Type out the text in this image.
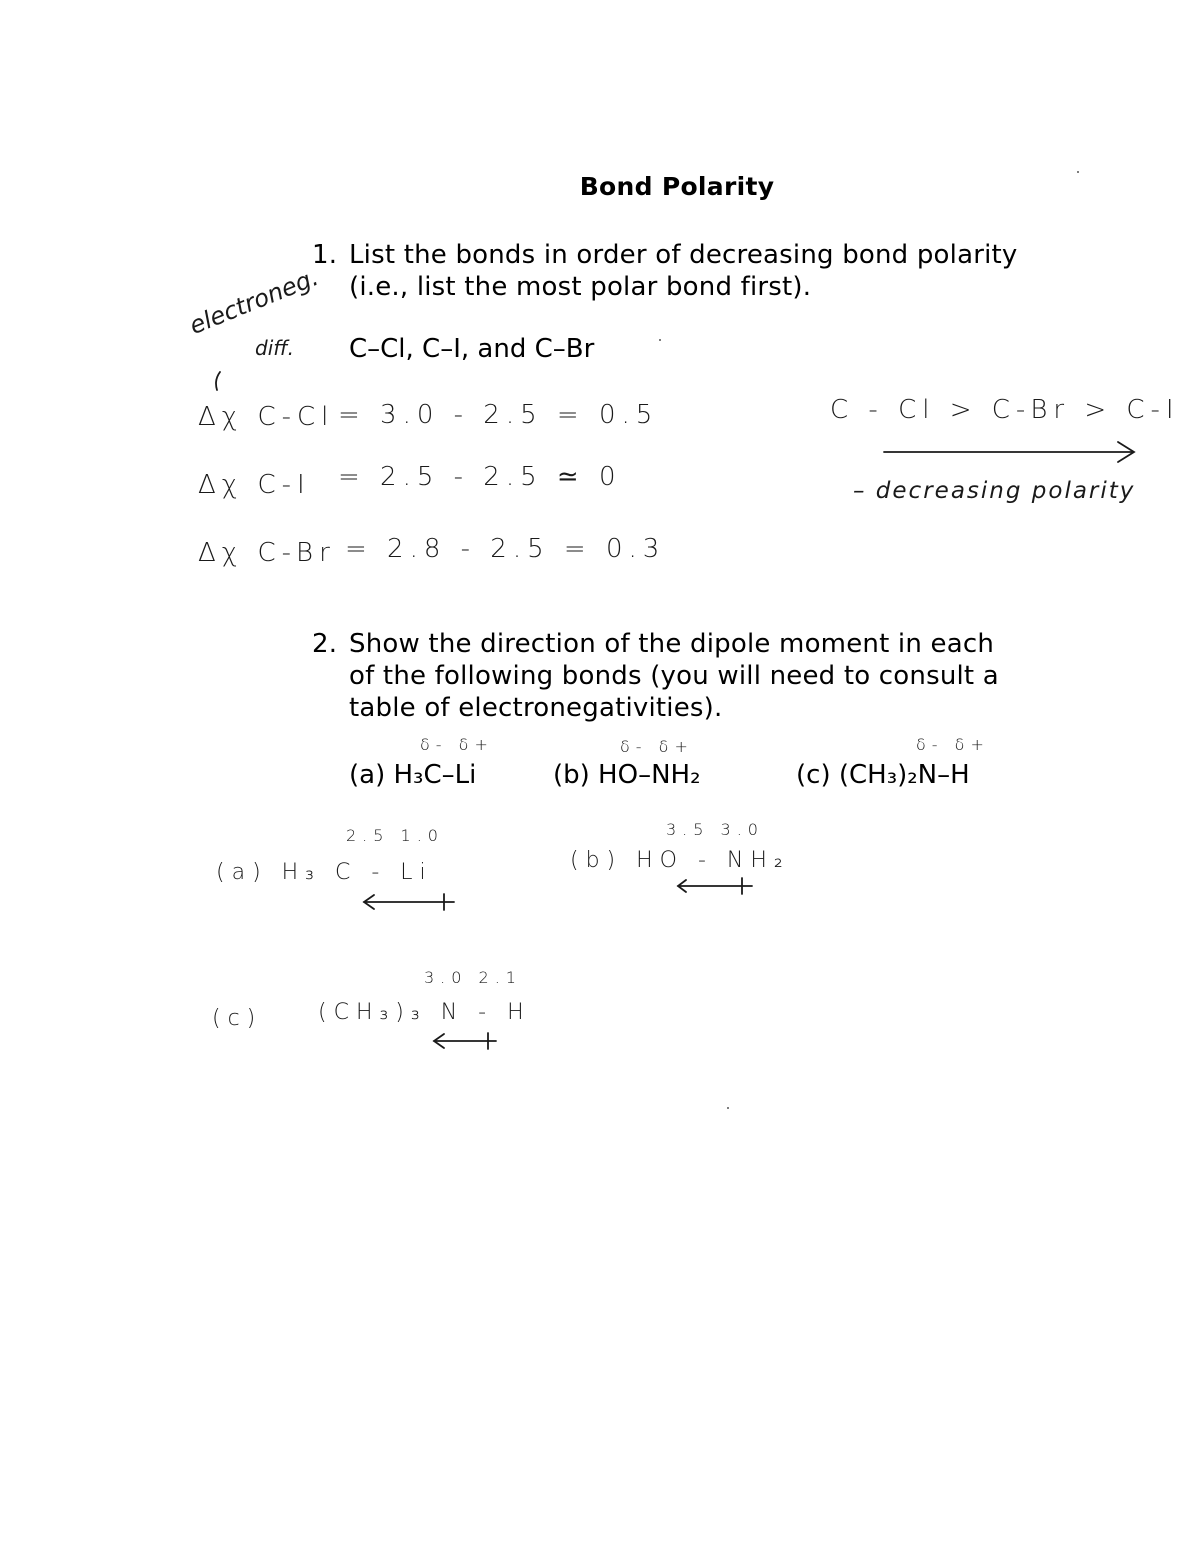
Bond Polarity
1. List the bonds in order of decreasing bond polarity
(i.e., list the most polar bond first).
C–Cl, C–I, and C–Br
2. Show the direction of the dipole moment in each
of the following bonds (you will need to consult a
table of electronegativities).
(a) H₃C–Li	(b) HO–NH₂	(c) (CH₃)₂N–H
electroneg.
diff.
Δχ C-Cl = 3.0 - 2.5 = 0.5
Δχ C-I = 2.5 - 2.5 ≃ 0
Δχ C-Br = 2.8 - 2.5 = 0.3
C - Cl > C-Br > C-I
– decreasing polarity
δ- δ+	δ- δ+	δ- δ+
2.5 1.0
(a) H₃ C - Li
3.5 3.0
(b) HO - NH₂
3.0 2.1
(c)	(CH₃)₃ N - H
